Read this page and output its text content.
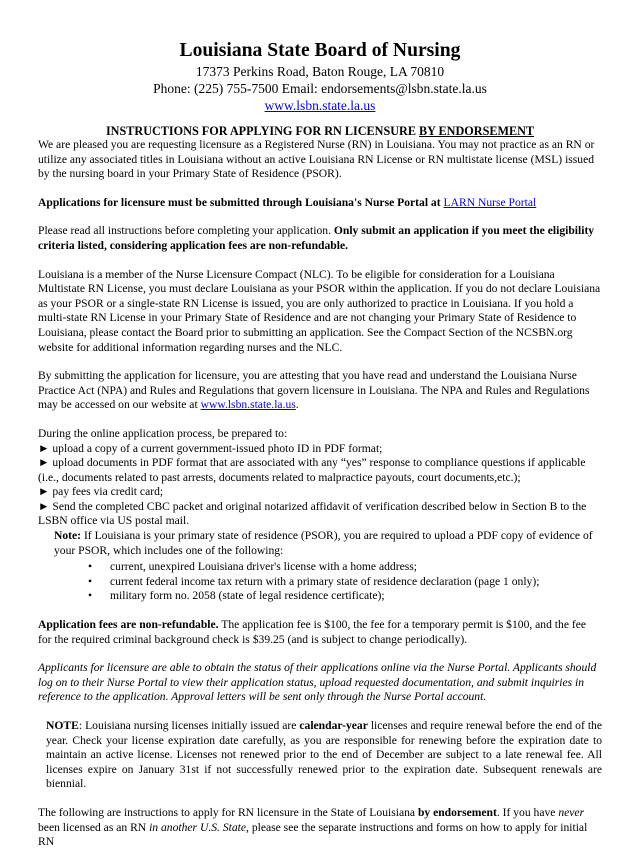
Louisiana State Board of Nursing
17373 Perkins Road, Baton Rouge, LA 70810
Phone: (225) 755-7500 Email: endorsements@lsbn.state.la.us
www.lsbn.state.la.us
INSTRUCTIONS FOR APPLYING FOR RN LICENSURE BY ENDORSEMENT

We are pleased you are requesting licensure as a Registered Nurse (RN) in Louisiana. You may not practice as an RN or utilize any associated titles in Louisiana without an active Louisiana RN License or RN multistate license (MSL) issued by the nursing board in your Primary State of Residence (PSOR).

Applications for licensure must be submitted through Louisiana's Nurse Portal at LARN Nurse Portal

Please read all instructions before completing your application. Only submit an application if you meet the eligibility criteria listed, considering application fees are non-refundable.

Louisiana is a member of the Nurse Licensure Compact (NLC). To be eligible for consideration for a Louisiana Multistate RN License, you must declare Louisiana as your PSOR within the application. If you do not declare Louisiana as your PSOR or a single-state RN License is issued, you are only authorized to practice in Louisiana. If you hold a multi-state RN License in your Primary State of Residence and are not changing your Primary State of Residence to Louisiana, please contact the Board prior to submitting an application. See the Compact Section of the NCSBN.org website for additional information regarding nurses and the NLC.

By submitting the application for licensure, you are attesting that you have read and understand the Louisiana Nurse Practice Act (NPA) and Rules and Regulations that govern licensure in Louisiana. The NPA and Rules and Regulations may be accessed on our website at www.lsbn.state.la.us.

During the online application process, be prepared to:

► upload a copy of a current government-issued photo ID in PDF format;

► upload documents in PDF format that are associated with any “yes” response to compliance questions if applicable (i.e., documents related to past arrests, documents related to malpractice payouts, court documents,etc.);

► pay fees via credit card;

► Send the completed CBC packet and original notarized affidavit of verification described below in Section B to the LSBN office via US postal mail.

Note: If Louisiana is your primary state of residence (PSOR), you are required to upload a PDF copy of evidence of your PSOR, which includes one of the following:

• current, unexpired Louisiana driver's license with a home address;
• current federal income tax return with a primary state of residence declaration (page 1 only);
• military form no. 2058 (state of legal residence certificate);

Application fees are non-refundable. The application fee is $100, the fee for a temporary permit is $100, and the fee for the required criminal background check is $39.25 (and is subject to change periodically).

Applicants for licensure are able to obtain the status of their applications online via the Nurse Portal. Applicants should log on to their Nurse Portal to view their application status, upload requested documentation, and submit inquiries in reference to the application. Approval letters will be sent only through the Nurse Portal account.

NOTE: Louisiana nursing licenses initially issued are calendar-year licenses and require renewal before the end of the year. Check your license expiration date carefully, as you are responsible for renewing before the expiration date to maintain an active license. Licenses not renewed prior to the end of December are subject to a late renewal fee. All licenses expire on January 31st if not successfully renewed prior to the expiration date. Subsequent renewals are biennial.

The following are instructions to apply for RN licensure in the State of Louisiana by endorsement. If you have never been licensed as an RN in another U.S. State, please see the separate instructions and forms on how to apply for initial RN
